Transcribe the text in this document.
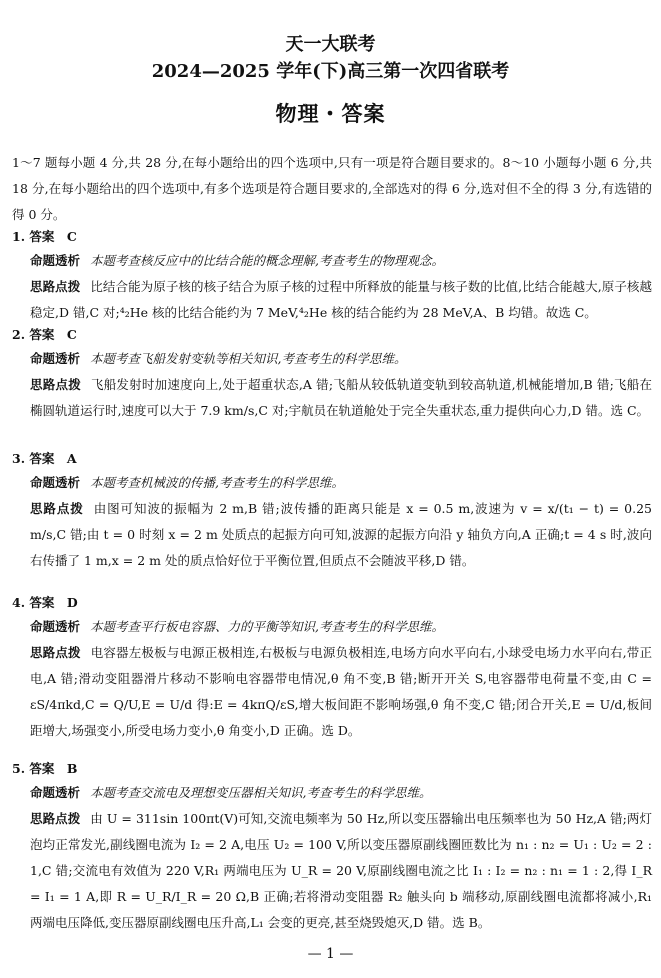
天一大联考
2024—2025 学年(下)高三第一次四省联考
物理・答案
1～7 题每小题 4 分,共 28 分,在每小题给出的四个选项中,只有一项是符合题目要求的。8～10 小题每小题 6 分,共 18 分,在每小题给出的四个选项中,有多个选项是符合题目要求的,全部选对的得 6 分,选对但不全的得 3 分,有选错的得 0 分。
1. 答案　C
命题透析 本题考查核反应中的比结合能的概念理解,考查考生的物理观念。
思路点拨 比结合能为原子核的核子结合为原子核的过程中所释放的能量与核子数的比值,比结合能越大,原子核越稳定,D 错,C 对;⁴₂He 核的比结合能约为 7 MeV,⁴₂He 核的结合能约为 28 MeV,A、B 均错。故选 C。
2. 答案　C
命题透析 本题考查飞船发射变轨等相关知识,考查考生的科学思维。
思路点拨 飞船发射时加速度向上,处于超重状态,A 错;飞船从较低轨道变轨到较高轨道,机械能增加,B 错;飞船在椭圆轨道运行时,速度可以大于 7.9 km/s,C 对;宇航员在轨道舱处于完全失重状态,重力提供向心力,D 错。选 C。
3. 答案　A
命题透析 本题考查机械波的传播,考查考生的科学思维。
思路点拨 由图可知波的振幅为 2 m,B 错;波传播的距离只能是 x = 0.5 m,波速为 v = x/(t₁ − t) = 0.25 m/s,C 错;由 t = 0 时刻 x = 2 m 处质点的起振方向可知,波源的起振方向沿 y 轴负方向,A 正确;t = 4 s 时,波向右传播了 1 m,x = 2 m 处的质点恰好位于平衡位置,但质点不会随波平移,D 错。
4. 答案　D
命题透析 本题考查平行板电容器、力的平衡等知识,考查考生的科学思维。
思路点拨 电容器左极板与电源正极相连,右极板与电源负极相连,电场方向水平向右,小球受电场力水平向右,带正电,A 错;滑动变阻器滑片移动不影响电容器带电情况,θ 角不变,B 错;断开开关 S,电容器带电荷量不变,由 C = εS/4πkd,C = Q/U,E = U/d 得:E = 4kπQ/εS,增大板间距不影响场强,θ 角不变,C 错;闭合开关,E = U/d,板间距增大,场强变小,所受电场力变小,θ 角变小,D 正确。选 D。
5. 答案　B
命题透析 本题考查交流电及理想变压器相关知识,考查考生的科学思维。
思路点拨 由 U = 311sin 100πt(V)可知,交流电频率为 50 Hz,所以变压器输出电压频率也为 50 Hz,A 错;两灯泡均正常发光,副线圈电流为 I₂ = 2 A,电压 U₂ = 100 V,所以变压器原副线圈匝数比为 n₁ : n₂ = U₁ : U₂ = 2 : 1,C 错;交流电有效值为 220 V,R₁ 两端电压为 U_R = 20 V,原副线圈电流之比 I₁ : I₂ = n₂ : n₁ = 1 : 2,得 I_R = I₁ = 1 A,即 R = U_R/I_R = 20 Ω,B 正确;若将滑动变阻器 R₂ 触头向 b 端移动,原副线圈电流都将减小,R₁ 两端电压降低,变压器原副线圈电压升高,L₁ 会变的更亮,甚至烧毁熄灭,D 错。选 B。
— 1 —
